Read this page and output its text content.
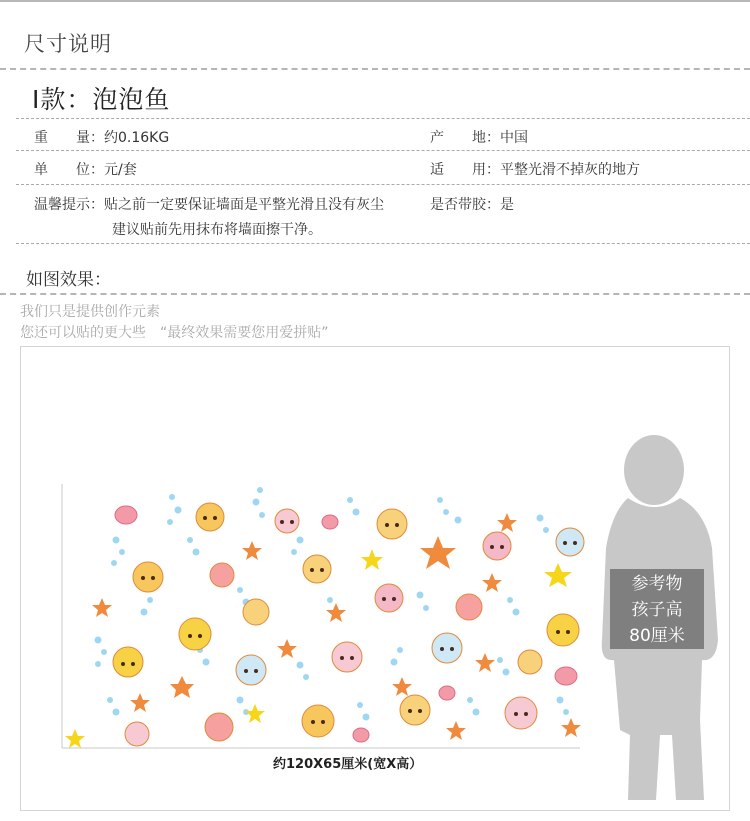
尺寸说明
I款：泡泡鱼
重　　量：约0.16KG	产　　地：中国
单　　位：元/套	适　　用：平整光滑不掉灰的地方
温馨提示：贴之前一定要保证墙面是平整光滑且没有灰尘
建议贴前先用抹布将墙面擦干净。
是否带胶：是
如图效果：
我们只是提供创作元素
您还可以贴的更大些　“最终效果需要您用爱拼贴”
约120X65厘米(宽X高）
参考物
孩子高
80厘米
